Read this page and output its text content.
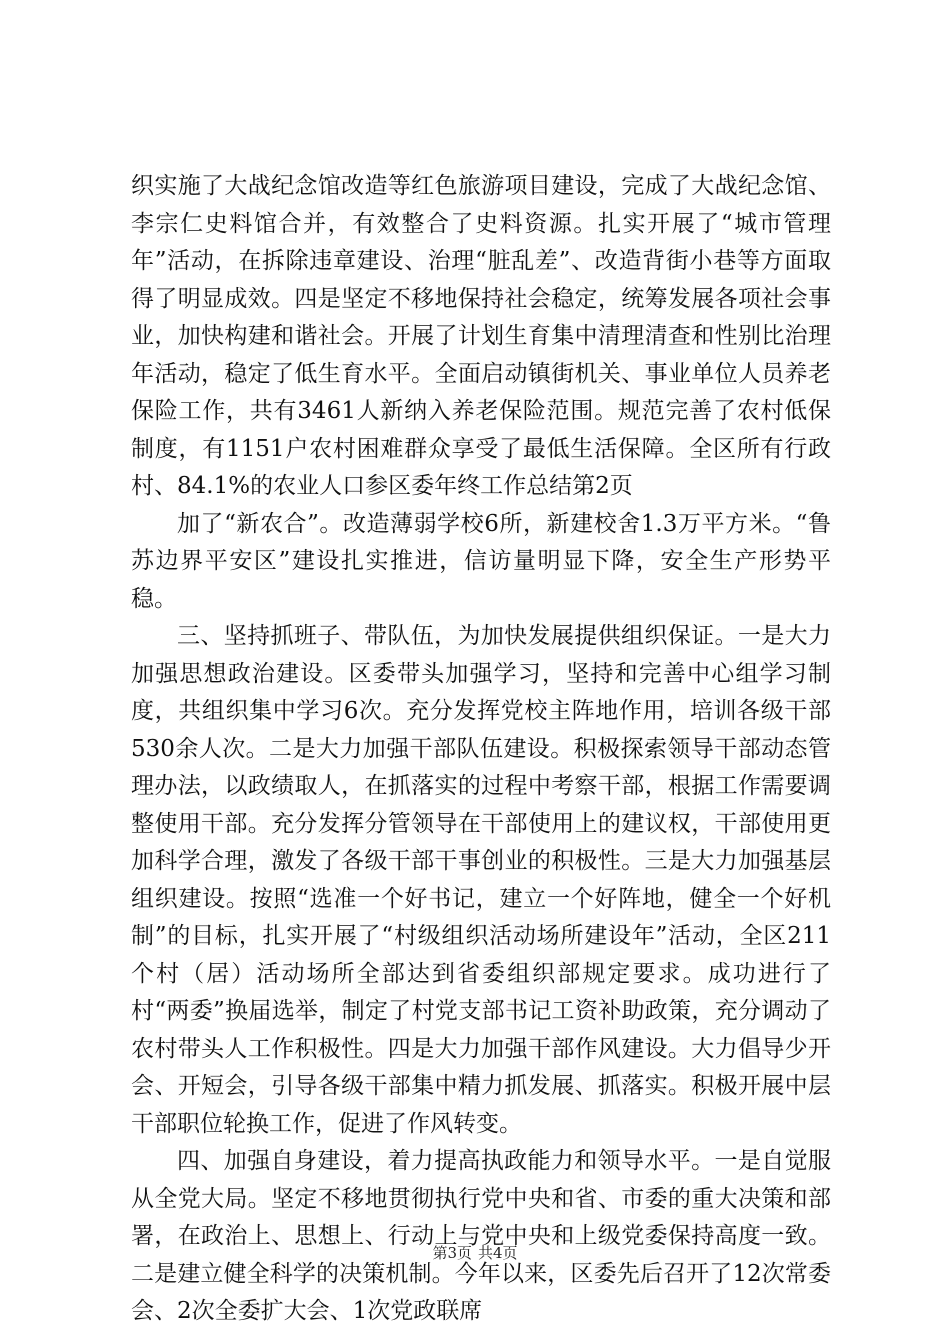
织实施了大战纪念馆改造等红色旅游项目建设，完成了大战纪念馆、李宗仁史料馆合并，有效整合了史料资源。扎实开展了“城市管理年”活动，在拆除违章建设、治理“脏乱差”、改造背街小巷等方面取得了明显成效。四是坚定不移地保持社会稳定，统筹发展各项社会事业，加快构建和谐社会。开展了计划生育集中清理清查和性别比治理年活动，稳定了低生育水平。全面启动镇街机关、事业单位人员养老保险工作，共有3461人新纳入养老保险范围。规范完善了农村低保制度，有1151户农村困难群众享受了最低生活保障。全区所有行政村、84.1%的农业人口参区委年终工作总结第2页

加了“新农合”。改造薄弱学校6所，新建校舍1.3万平方米。“鲁苏边界平安区”建设扎实推进，信访量明显下降，安全生产形势平稳。

三、坚持抓班子、带队伍，为加快发展提供组织保证。一是大力加强思想政治建设。区委带头加强学习，坚持和完善中心组学习制度，共组织集中学习6次。充分发挥党校主阵地作用，培训各级干部530余人次。二是大力加强干部队伍建设。积极探索领导干部动态管理办法，以政绩取人，在抓落实的过程中考察干部，根据工作需要调整使用干部。充分发挥分管领导在干部使用上的建议权，干部使用更加科学合理，激发了各级干部干事创业的积极性。三是大力加强基层组织建设。按照“选准一个好书记，建立一个好阵地，健全一个好机制”的目标，扎实开展了“村级组织活动场所建设年”活动，全区211个村（居）活动场所全部达到省委组织部规定要求。成功进行了村“两委”换届选举，制定了村党支部书记工资补助政策，充分调动了农村带头人工作积极性。四是大力加强干部作风建设。大力倡导少开会、开短会，引导各级干部集中精力抓发展、抓落实。积极开展中层干部职位轮换工作，促进了作风转变。

四、加强自身建设，着力提高执政能力和领导水平。一是自觉服从全党大局。坚定不移地贯彻执行党中央和省、市委的重大决策和部署，在政治上、思想上、行动上与党中央和上级党委保持高度一致。二是建立健全科学的决策机制。今年以来，区委先后召开了12次常委会、2次全委扩大会、1次党政联席

第3页 共4页
